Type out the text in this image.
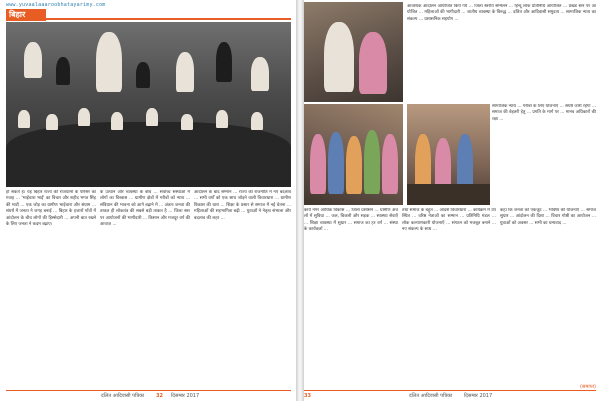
www.yuvaalaaaroobhatayarimy.com
बिहार
हो सकते हैं। यह बिहार राज्य की राजधानी के परिसर का गवाह ... 'भाईचारा भाई' का विचार और शहीद भगत सिंह की माटी ... एक जोड़ का ग्रामीण भाईचारा और संग्राम ... संघर्ष में जनता ने जगह बनाई ... बिहार के हजारों गाँवों में आंदोलन के बीच लोगों की हिस्सेदारी ... अपनी बात रखने के लिए जनता ने कदम बढ़ाए।
के उत्थान और व्यवस्था के बीच ... सर्वोच्च संस्थाओं में लोगों का विश्वास ... ग्रामीण क्षेत्रों में गरीबों को न्याय ... संविधान की भावना को आगे बढ़ाने में ... अंततः जनता की ताकत ही लोकतंत्र की सबसे बड़ी ताकत है ... जिला स्तर पर आयोजनों की भागीदारी ... किसान और मजदूर वर्ग की आवाज़ ...
आंदोलन के बाद सम्मान ... राज्य की राजनीति में नए बदलाव ... सभी वर्गों को एक साथ जोड़ने वाली विचारधारा ... ग्रामीण विकास की धारा ... शिक्षा के प्रसार से समाज में नई चेतना ... महिलाओं की सहभागिता बढ़ी ... युवाओं ने नेतृत्व संभाला और बदलाव की लहर ...
दलित आदिवासी पत्रिका 32 दिसम्बर 2017
आवश्यक आंदोलन आयोजित किये गये ... जिला स्तरीय सम्मेलन ... हिन्दू लोक प्रतिनिधि आयोजित ... प्रखंड स्तर पर आयोजित ... महिलाओं की भागीदारी ... जातीय व्यवस्था के विरुद्ध ... दलित और आदिवासी समुदाय ... सामाजिक न्याय का संकल्प ... प्रशासनिक सहयोग ...
सामाजिक न्याय ... गरीबों के लिए योजनाएँ ... संघर्ष जारी रहेगा ... समाज की बेहतरी हेतु ... प्रगति के मार्ग पर ... मानव अधिकारों की रक्षा ...
कार्य नगर आर्थिक विकास ... जिला प्रशासन ... ग्रामीण अंचलों में सुविधा ... जल, बिजली और सड़क ... स्वास्थ्य सेवाएँ ... शिक्षा व्यवस्था में सुधार ... समाज का हर वर्ग ... संस्था के कार्यकर्ता ...
तथा समाज के बहुत ... आदर्श विचारधारा ... कार्यक्रम में उपस्थित ... वरिष्ठ नेताओं का सम्मान ... प्रतिनिधि मंडल ... लोक कल्याणकारी योजनाएँ ... संगठन को मजबूत बनाने ... नए संकल्प के साथ ...
कहा कि जनता को एकजुट ... भविष्य की योजनाएँ ... समाज सुधार ... आंदोलन की दिशा ... विचार गोष्ठी का आयोजन ... युवाओं को अवसर ... सभी का धन्यवाद ...
(समाप्त)
33	दलित आदिवासी पत्रिका दिसम्बर 2017
